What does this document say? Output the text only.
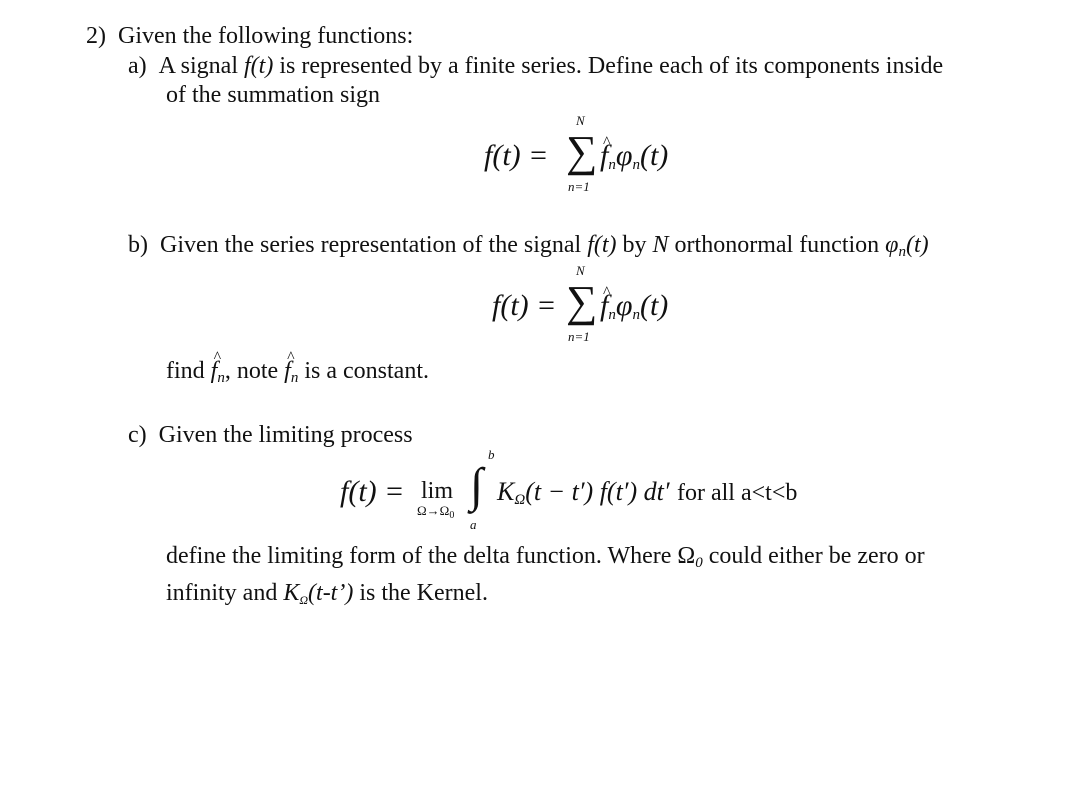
2) Given the following functions:
a) A signal f(t) is represented by a finite series. Define each of its components inside
of the summation sign
f(t) =
N
∑
n=1
^ $f_n\varphi_n(t)$
b) Given the series representation of the signal f(t) by N orthonormal function $\varphi_n(t)$
f(t) =
N
∑
n=1
^ $f_n\varphi_n(t)$
find ^ $f_n$, note ^ $f_n$ is a constant.
c) Given the limiting process
f(t) = lim
$\Omega\to\Omega_0$
b
∫
a
$K_\Omega(t - t')$ f(t′) dt′ for all a<t<b
define the limiting form of the delta function. Where $\Omega_0$ could either be zero or
infinity and $K_\Omega(t-t’)$ is the Kernel.
